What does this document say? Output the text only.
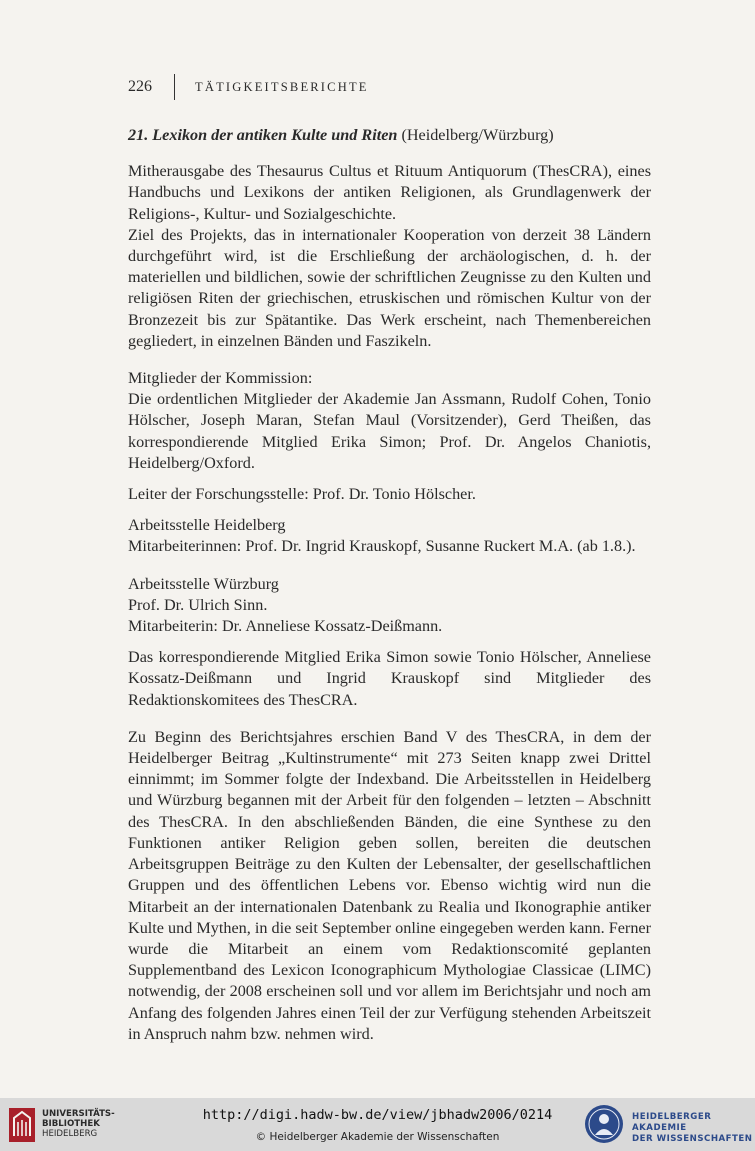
226	TÄTIGKEITSBERICHTE

21. Lexikon der antiken Kulte und Riten (Heidelberg/Würzburg)

Mitherausgabe des Thesaurus Cultus et Rituum Antiquorum (ThesCRA), eines Handbuchs und Lexikons der antiken Religionen, als Grundlagenwerk der Religions-, Kultur- und Sozialgeschichte.

Ziel des Projekts, das in internationaler Kooperation von derzeit 38 Ländern durchgeführt wird, ist die Erschließung der archäologischen, d. h. der materiellen und bildlichen, sowie der schriftlichen Zeugnisse zu den Kulten und religiösen Riten der griechischen, etruskischen und römischen Kultur von der Bronzezeit bis zur Spätantike. Das Werk erscheint, nach Themenbereichen gegliedert, in einzelnen Bänden und Faszikeln.

Mitglieder der Kommission:

Die ordentlichen Mitglieder der Akademie Jan Assmann, Rudolf Cohen, Tonio Hölscher, Joseph Maran, Stefan Maul (Vorsitzender), Gerd Theißen, das korrespondierende Mitglied Erika Simon; Prof. Dr. Angelos Chaniotis, Heidelberg/Oxford.

Leiter der Forschungsstelle: Prof. Dr. Tonio Hölscher.

Arbeitsstelle Heidelberg

Mitarbeiterinnen: Prof. Dr. Ingrid Krauskopf, Susanne Ruckert M.A. (ab 1.8.).

Arbeitsstelle Würzburg

Prof. Dr. Ulrich Sinn.

Mitarbeiterin: Dr. Anneliese Kossatz-Deißmann.

Das korrespondierende Mitglied Erika Simon sowie Tonio Hölscher, Anneliese Kossatz-Deißmann und Ingrid Krauskopf sind Mitglieder des Redaktionskomitees des ThesCRA.

Zu Beginn des Berichtsjahres erschien Band V des ThesCRA, in dem der Heidelberger Beitrag „Kultinstrumente“ mit 273 Seiten knapp zwei Drittel einnimmt; im Sommer folgte der Indexband. Die Arbeitsstellen in Heidelberg und Würzburg begannen mit der Arbeit für den folgenden – letzten – Abschnitt des ThesCRA. In den abschließenden Bänden, die eine Synthese zu den Funktionen antiker Religion geben sollen, bereiten die deutschen Arbeitsgruppen Beiträge zu den Kulten der Lebensalter, der gesellschaftlichen Gruppen und des öffentlichen Lebens vor. Ebenso wichtig wird nun die Mitarbeit an der internationalen Datenbank zu Realia und Ikonographie antiker Kulte und Mythen, in die seit September online eingegeben werden kann. Ferner wurde die Mitarbeit an einem vom Redaktionscomité geplanten Supplementband des Lexicon Iconographicum Mythologiae Classicae (LIMC) notwendig, der 2008 erscheinen soll und vor allem im Berichtsjahr und noch am Anfang des folgenden Jahres einen Teil der zur Verfügung stehenden Arbeitszeit in Anspruch nahm bzw. nehmen wird.

UNIVERSITÄTS-
BIBLIOTHEK
HEIDELBERG
http://digi.hadw-bw.de/view/jbhadw2006/0214
© Heidelberger Akademie der Wissenschaften
HEIDELBERGER AKADEMIE
DER WISSENSCHAFTEN
